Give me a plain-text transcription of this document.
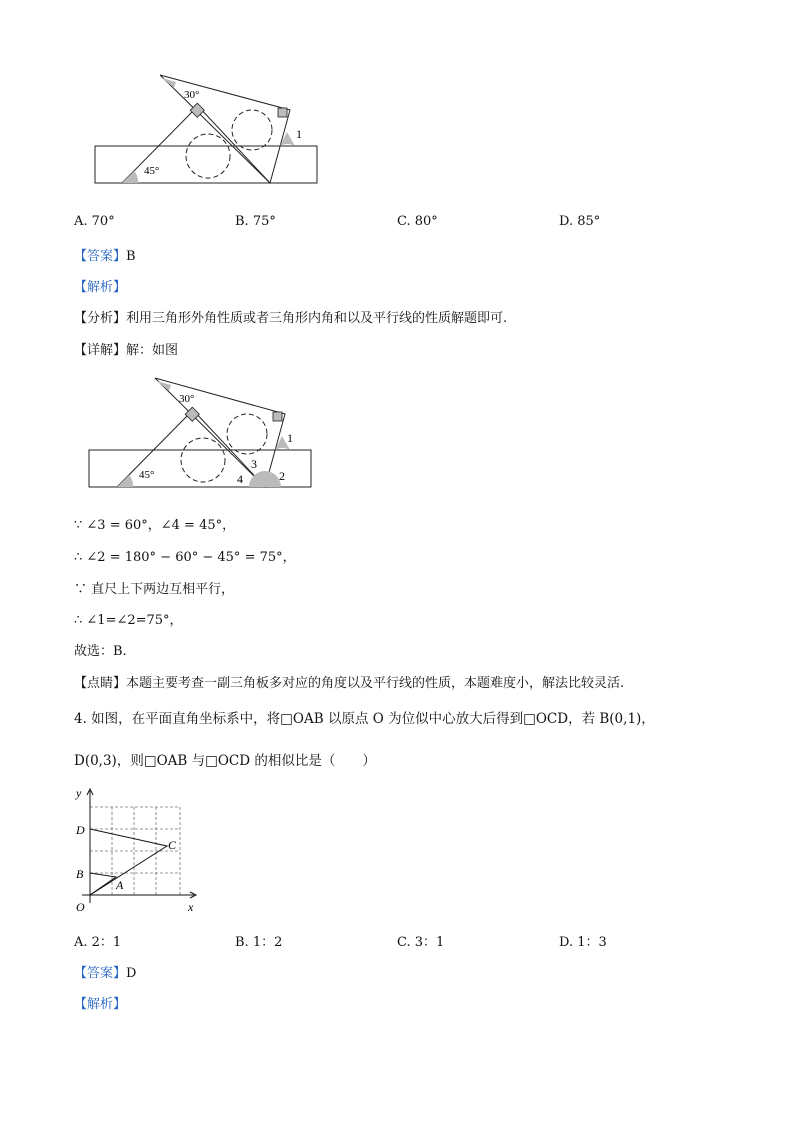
30°
45°
1
A. 70°	B. 75°	C. 80°	D. 85°
【答案】B
【解析】
【分析】利用三角形外角性质或者三角形内角和以及平行线的性质解题即可.
【详解】解：如图
30°
45°
1
2
3
4
∵ ∠3 = 60°，∠4 = 45°，
∴ ∠2 = 180° − 60° − 45° = 75°，
∵ 直尺上下两边互相平行，
∴ ∠1=∠2=75°，
故选：B.
【点睛】本题主要考查一副三角板多对应的角度以及平行线的性质，本题难度小，解法比较灵活.
4. 如图，在平面直角坐标系中，将□OAB 以原点 O 为位似中心放大后得到□OCD，若 B(0,1)，
D(0,3)，则□OAB 与□OCD 的相似比是（　　）
y
x
O
D
B
C
A
A. 2：1	B. 1：2	C. 3：1	D. 1：3
【答案】D
【解析】
